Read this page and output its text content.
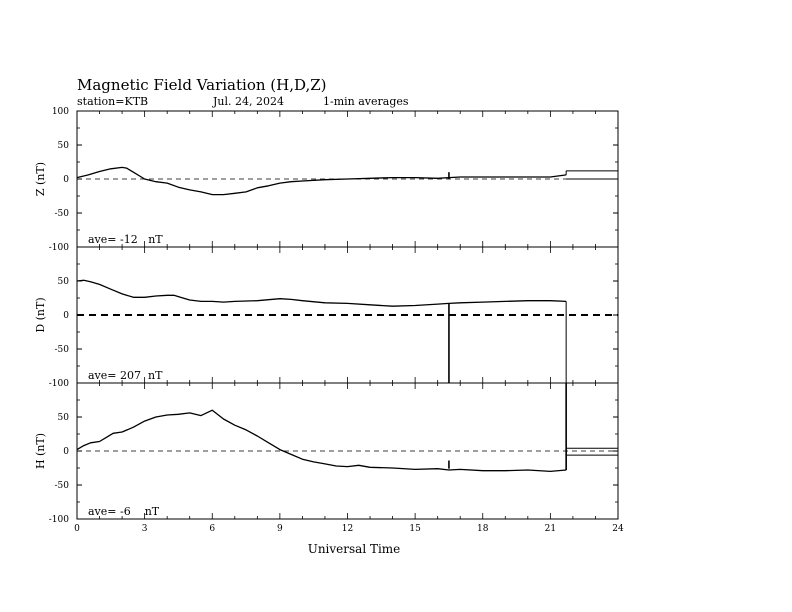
Magnetic Field Variation (H,D,Z)
station=KTB	Jul. 24, 2024	1-min averages
Universal Time
100
50
0
-50
-100
Z (nT)
ave= -12   nT
50
0
-50
-100
D (nT)
ave= 207  nT
50
0
-50
-100
H (nT)
ave= -6    nT
0	3	6	9	12	15	18	21	24
